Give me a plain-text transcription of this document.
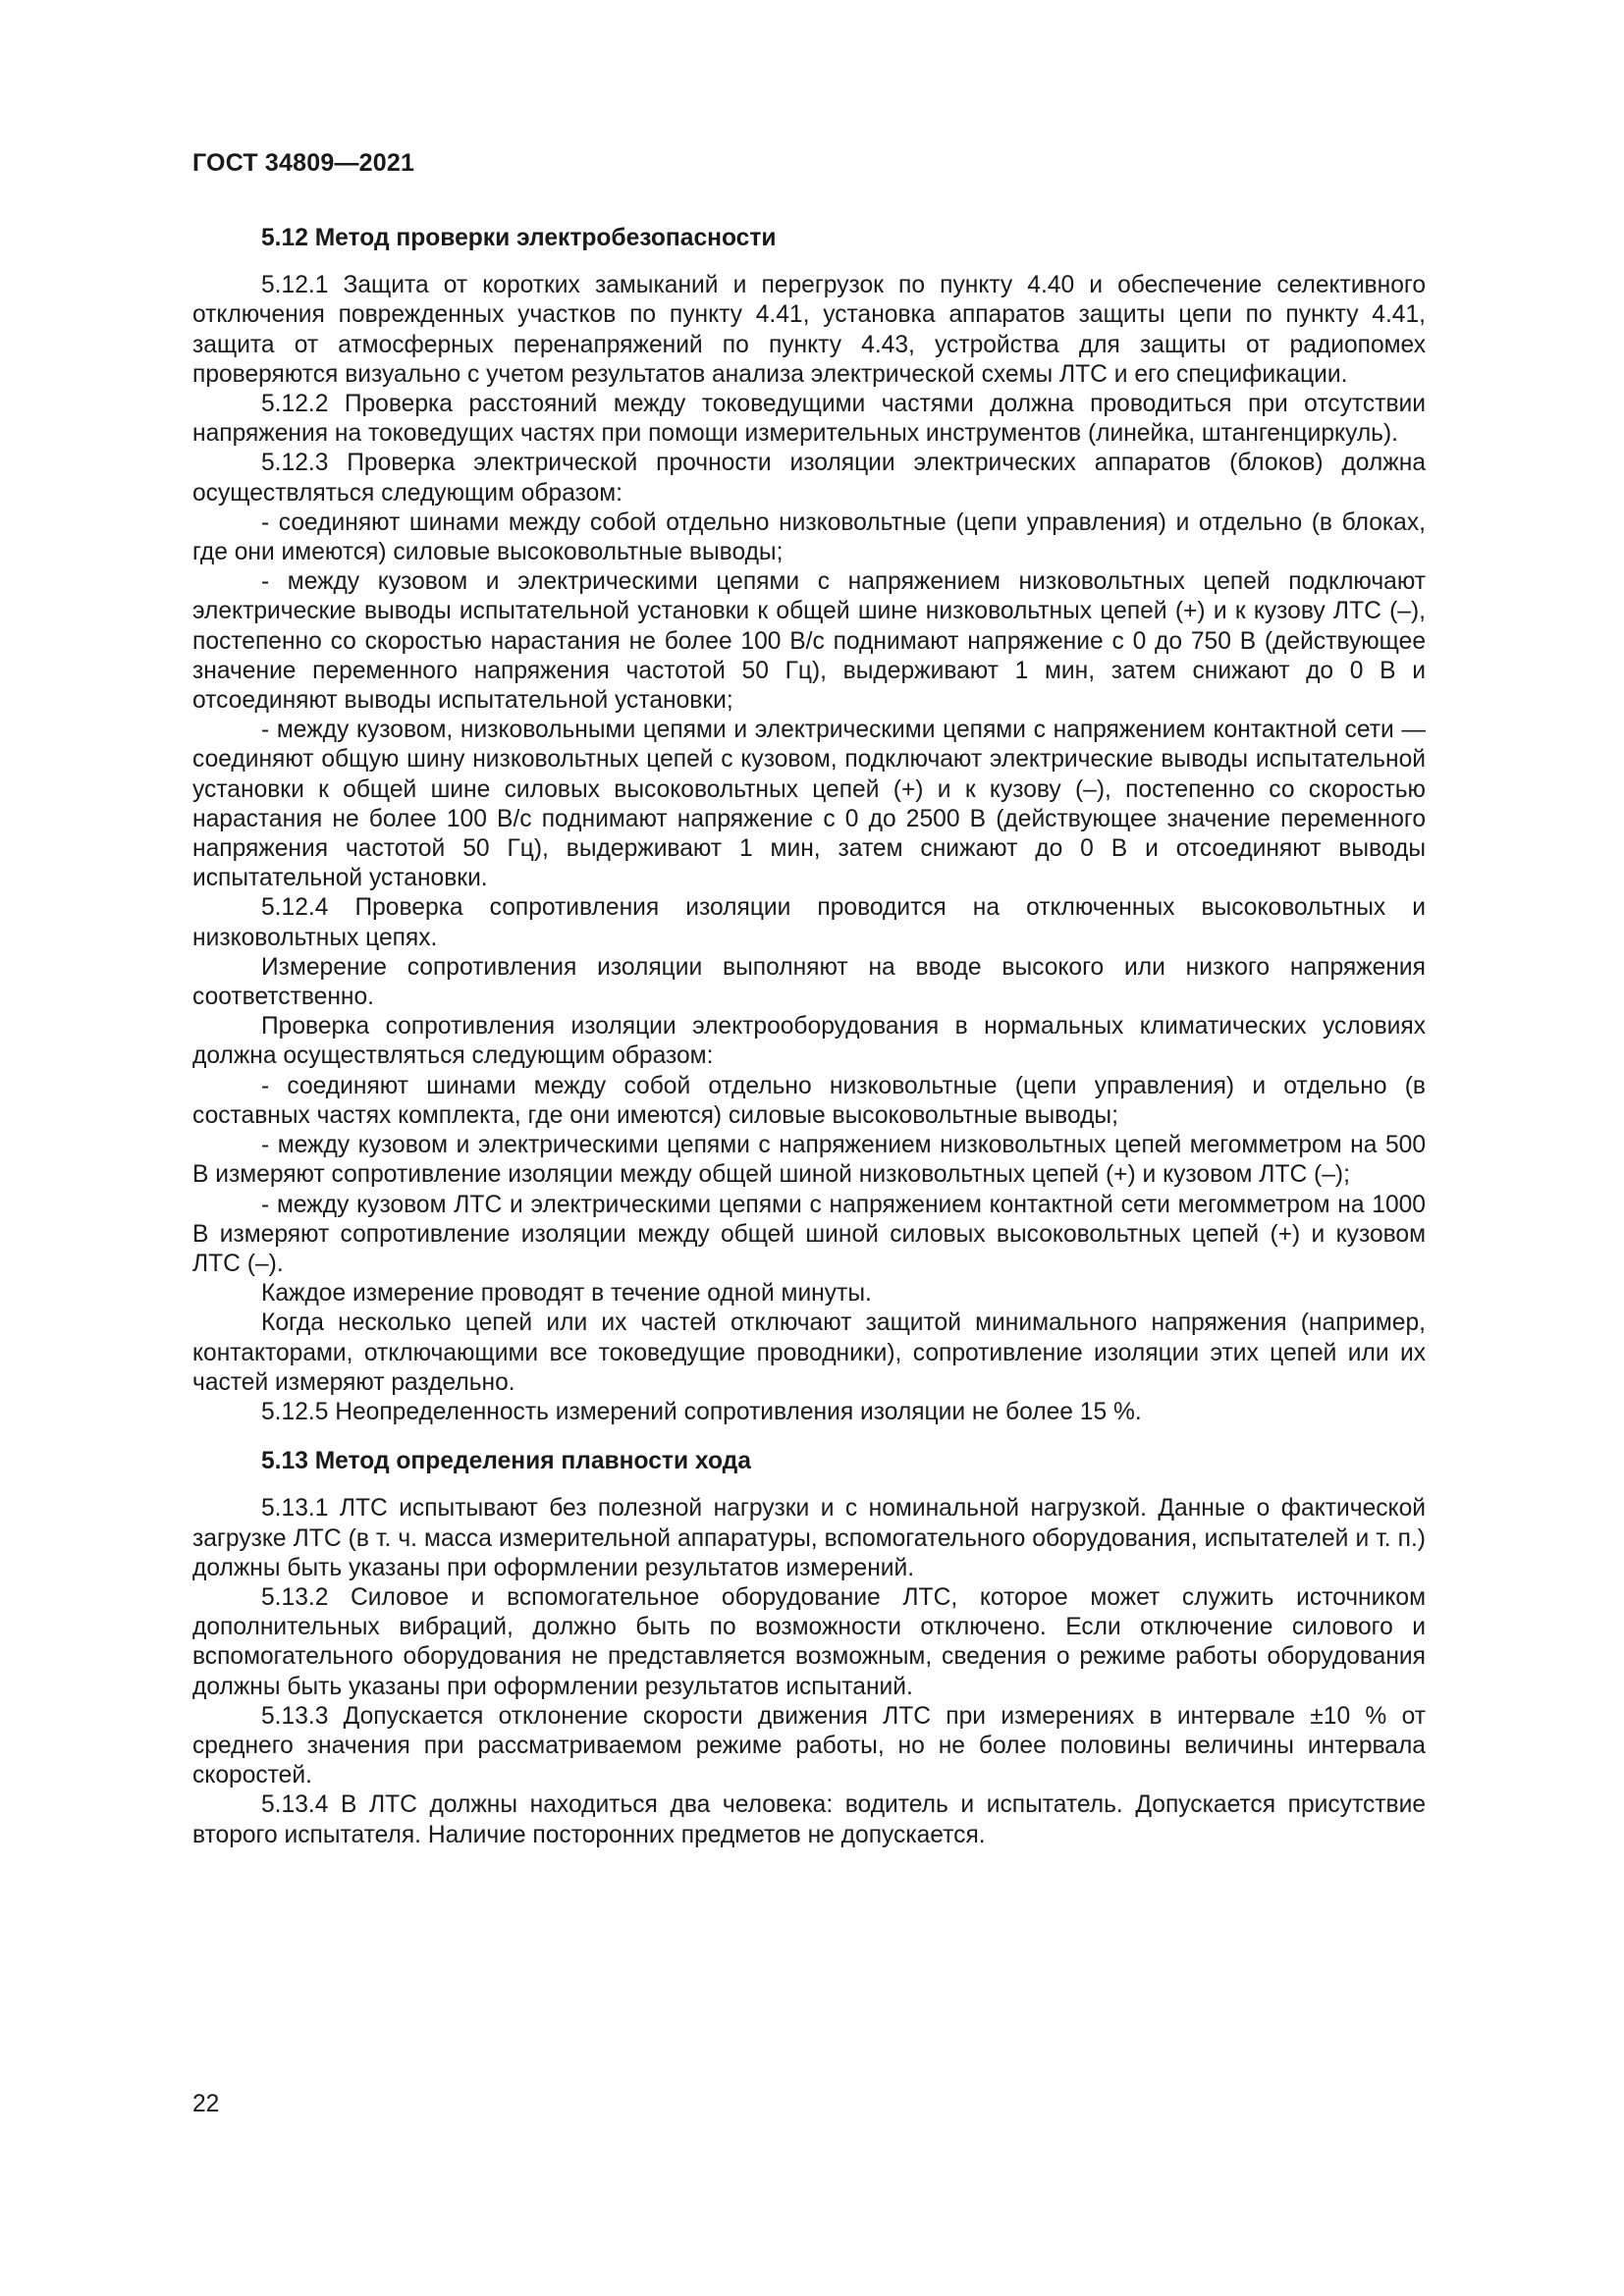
ГОСТ 34809—2021
5.12 Метод проверки электробезопасности

5.12.1 Защита от коротких замыканий и перегрузок по пункту 4.40 и обеспечение селективного отключения поврежденных участков по пункту 4.41, установка аппаратов защиты цепи по пункту 4.41, защита от атмосферных перенапряжений по пункту 4.43, устройства для защиты от радиопомех проверяются визуально с учетом результатов анализа электрической схемы ЛТС и его спецификации.

5.12.2 Проверка расстояний между токоведущими частями должна проводиться при отсутствии напряжения на токоведущих частях при помощи измерительных инструментов (линейка, штангенциркуль).

5.12.3 Проверка электрической прочности изоляции электрических аппаратов (блоков) должна осуществляться следующим образом:

- соединяют шинами между собой отдельно низковольтные (цепи управления) и отдельно (в блоках, где они имеются) силовые высоковольтные выводы;

- между кузовом и электрическими цепями с напряжением низковольтных цепей подключают электрические выводы испытательной установки к общей шине низковольтных цепей (+) и к кузову ЛТС (–), постепенно со скоростью нарастания не более 100 В/с поднимают напряжение с 0 до 750 В (действующее значение переменного напряжения частотой 50 Гц), выдерживают 1 мин, затем снижают до 0 В и отсоединяют выводы испытательной установки;

- между кузовом, низковольными цепями и электрическими цепями с напряжением контактной сети — соединяют общую шину низковольтных цепей с кузовом, подключают электрические выводы испытательной установки к общей шине силовых высоковольтных цепей (+) и к кузову (–), постепенно со скоростью нарастания не более 100 В/с поднимают напряжение с 0 до 2500 В (действующее значение переменного напряжения частотой 50 Гц), выдерживают 1 мин, затем снижают до 0 В и отсоединяют выводы испытательной установки.

5.12.4 Проверка сопротивления изоляции проводится на отключенных высоковольтных и низковольтных цепях.

Измерение сопротивления изоляции выполняют на вводе высокого или низкого напряжения соответственно.

Проверка сопротивления изоляции электрооборудования в нормальных климатических условиях должна осуществляться следующим образом:

- соединяют шинами между собой отдельно низковольтные (цепи управления) и отдельно (в составных частях комплекта, где они имеются) силовые высоковольтные выводы;

- между кузовом и электрическими цепями с напряжением низковольтных цепей мегомметром на 500 В измеряют сопротивление изоляции между общей шиной низковольтных цепей (+) и кузовом ЛТС (–);

- между кузовом ЛТС и электрическими цепями с напряжением контактной сети мегомметром на 1000 В измеряют сопротивление изоляции между общей шиной силовых высоковольтных цепей (+) и кузовом ЛТС (–).

Каждое измерение проводят в течение одной минуты.

Когда несколько цепей или их частей отключают защитой минимального напряжения (например, контакторами, отключающими все токоведущие проводники), сопротивление изоляции этих цепей или их частей измеряют раздельно.

5.12.5 Неопределенность измерений сопротивления изоляции не более 15 %.

5.13 Метод определения плавности хода

5.13.1 ЛТС испытывают без полезной нагрузки и с номинальной нагрузкой. Данные о фактической загрузке ЛТС (в т. ч. масса измерительной аппаратуры, вспомогательного оборудования, испытателей и т. п.) должны быть указаны при оформлении результатов измерений.

5.13.2 Силовое и вспомогательное оборудование ЛТС, которое может служить источником дополнительных вибраций, должно быть по возможности отключено. Если отключение силового и вспомогательного оборудования не представляется возможным, сведения о режиме работы оборудования должны быть указаны при оформлении результатов испытаний.

5.13.3 Допускается отклонение скорости движения ЛТС при измерениях в интервале ±10 % от среднего значения при рассматриваемом режиме работы, но не более половины величины интервала скоростей.

5.13.4 В ЛТС должны находиться два человека: водитель и испытатель. Допускается присутствие второго испытателя. Наличие посторонних предметов не допускается.

22
